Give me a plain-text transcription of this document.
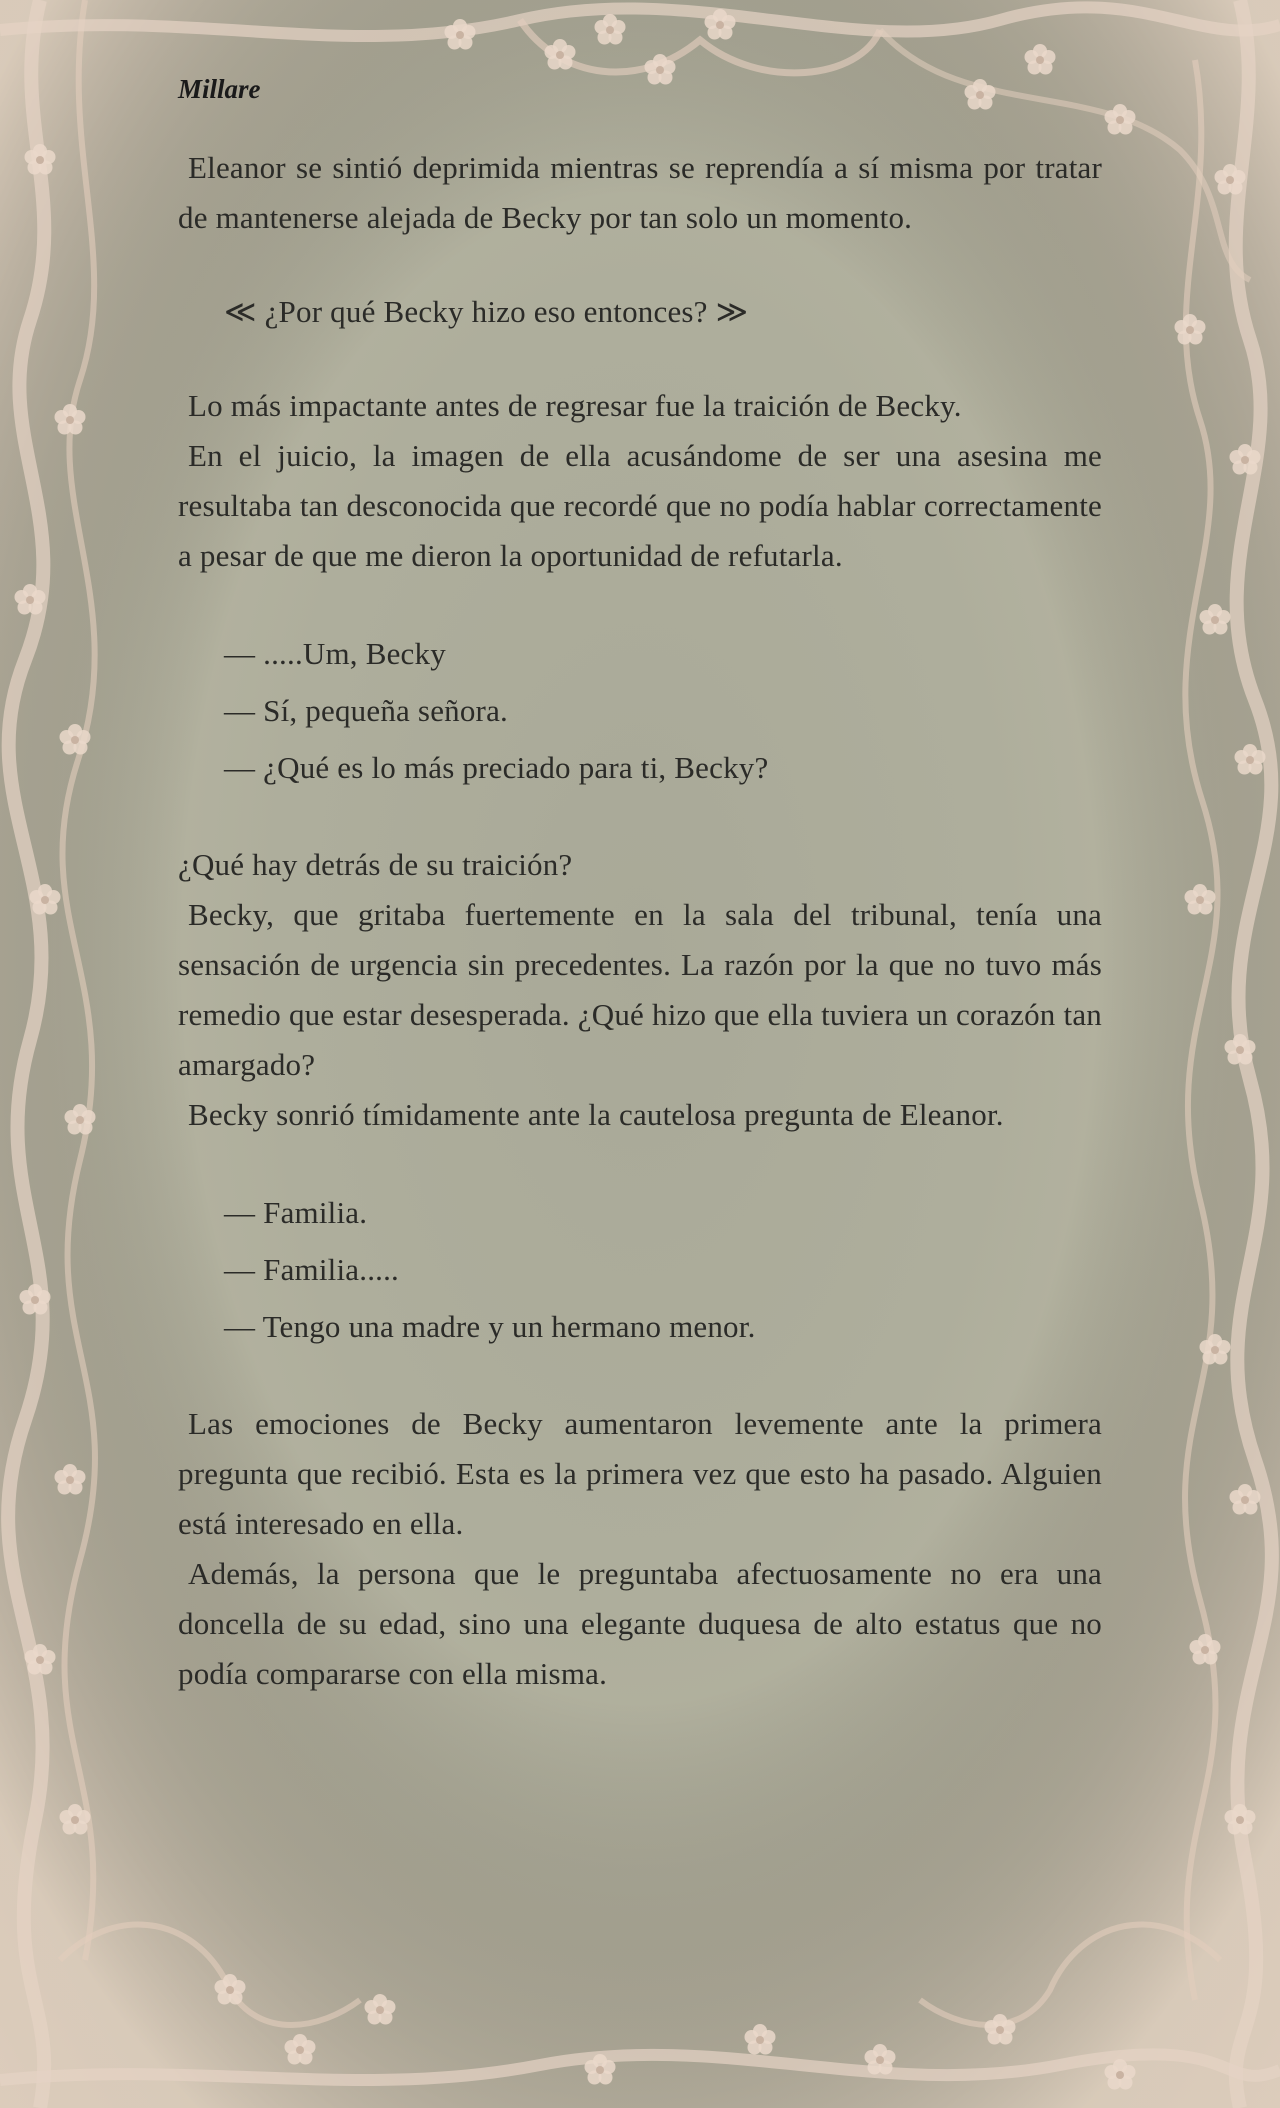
Millare

Eleanor se sintió deprimida mientras se reprendía a sí misma por tratar de mantenerse alejada de Becky por tan solo un momento.

≪ ¿Por qué Becky hizo eso entonces? ≫

Lo más impactante antes de regresar fue la traición de Becky.

En el juicio, la imagen de ella acusándome de ser una asesina me resultaba tan desconocida que recordé que no podía hablar correctamente a pesar de que me dieron la oportunidad de refutarla.

— .....Um, Becky

— Sí, pequeña señora.

— ¿Qué es lo más preciado para ti, Becky?

¿Qué hay detrás de su traición?

Becky, que gritaba fuertemente en la sala del tribunal, tenía una sensación de urgencia sin precedentes. La razón por la que no tuvo más remedio que estar desesperada. ¿Qué hizo que ella tuviera un corazón tan amargado?

Becky sonrió tímidamente ante la cautelosa pregunta de Eleanor.

— Familia.

— Familia.....

— Tengo una madre y un hermano menor.

Las emociones de Becky aumentaron levemente ante la primera pregunta que recibió. Esta es la primera vez que esto ha pasado. Alguien está interesado en ella.

Además, la persona que le preguntaba afectuosamente no era una doncella de su edad, sino una elegante duquesa de alto estatus que no podía compararse con ella misma.
